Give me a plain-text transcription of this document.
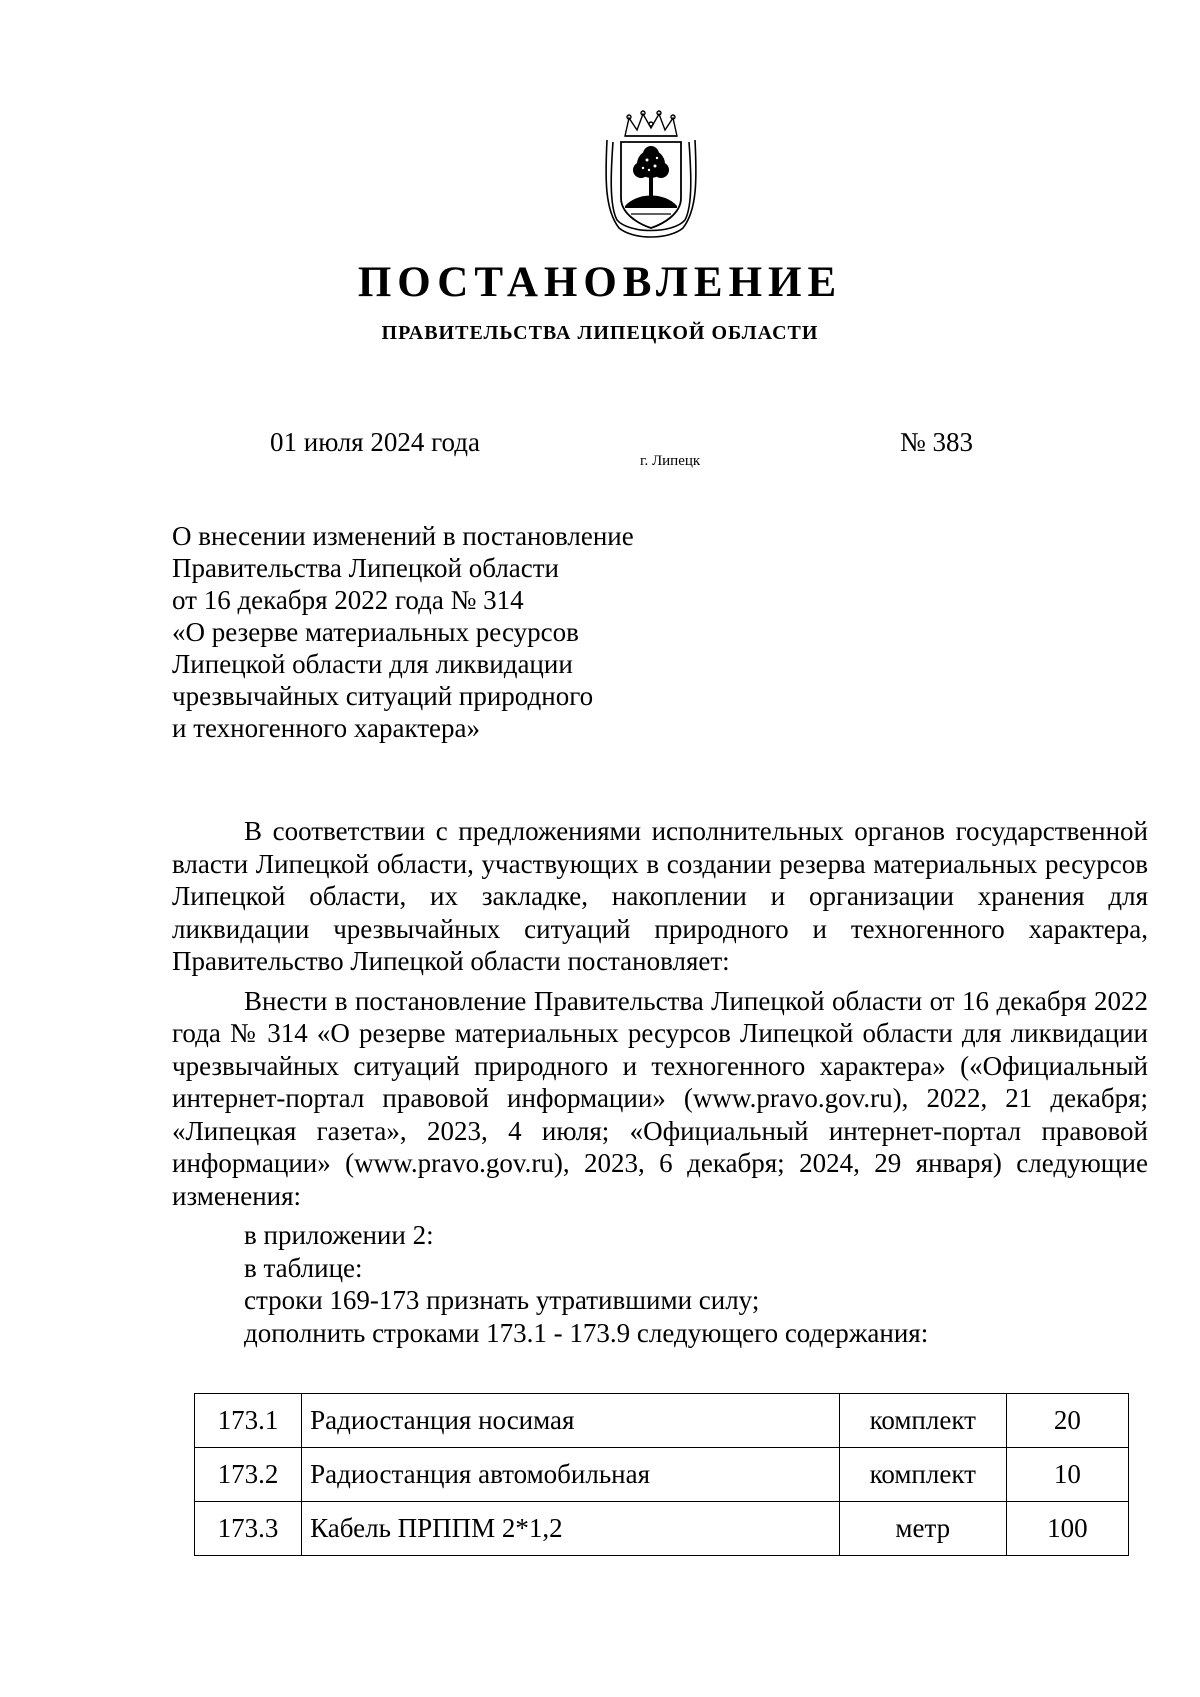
ПОСТАНОВЛЕНИЕ
ПРАВИТЕЛЬСТВА ЛИПЕЦКОЙ ОБЛАСТИ
01 июля 2024 года
г. Липецк
№ 383
О внесении изменений в постановление
Правительства Липецкой области
от 16 декабря 2022 года № 314
«О резерве материальных ресурсов
Липецкой области для ликвидации
чрезвычайных ситуаций природного
и техногенного характера»

В соответствии с предложениями исполнительных органов государственной власти Липецкой области, участвующих в создании резерва материальных ресурсов Липецкой области, их закладке, накоплении и организации хранения для ликвидации чрезвычайных ситуаций природного и техногенного характера, Правительство Липецкой области постановляет:

Внести в постановление Правительства Липецкой области от 16 декабря 2022 года № 314 «О резерве материальных ресурсов Липецкой области для ликвидации чрезвычайных ситуаций природного и техногенного характера» («Официальный интернет-портал правовой информации» (www.pravo.gov.ru), 2022, 21 декабря; «Липецкая газета», 2023, 4 июля; «Официальный интернет-портал правовой информации» (www.pravo.gov.ru), 2023, 6 декабря; 2024, 29 января) следующие изменения:

в приложении 2:
в таблице:
строки 169-173 признать утратившими силу;
дополнить строками 173.1 - 173.9 следующего содержания:
173.1	Радиостанция носимая	комплект	20
173.2	Радиостанция автомобильная	комплект	10
173.3	Кабель ПРППМ 2*1,2	метр	100
